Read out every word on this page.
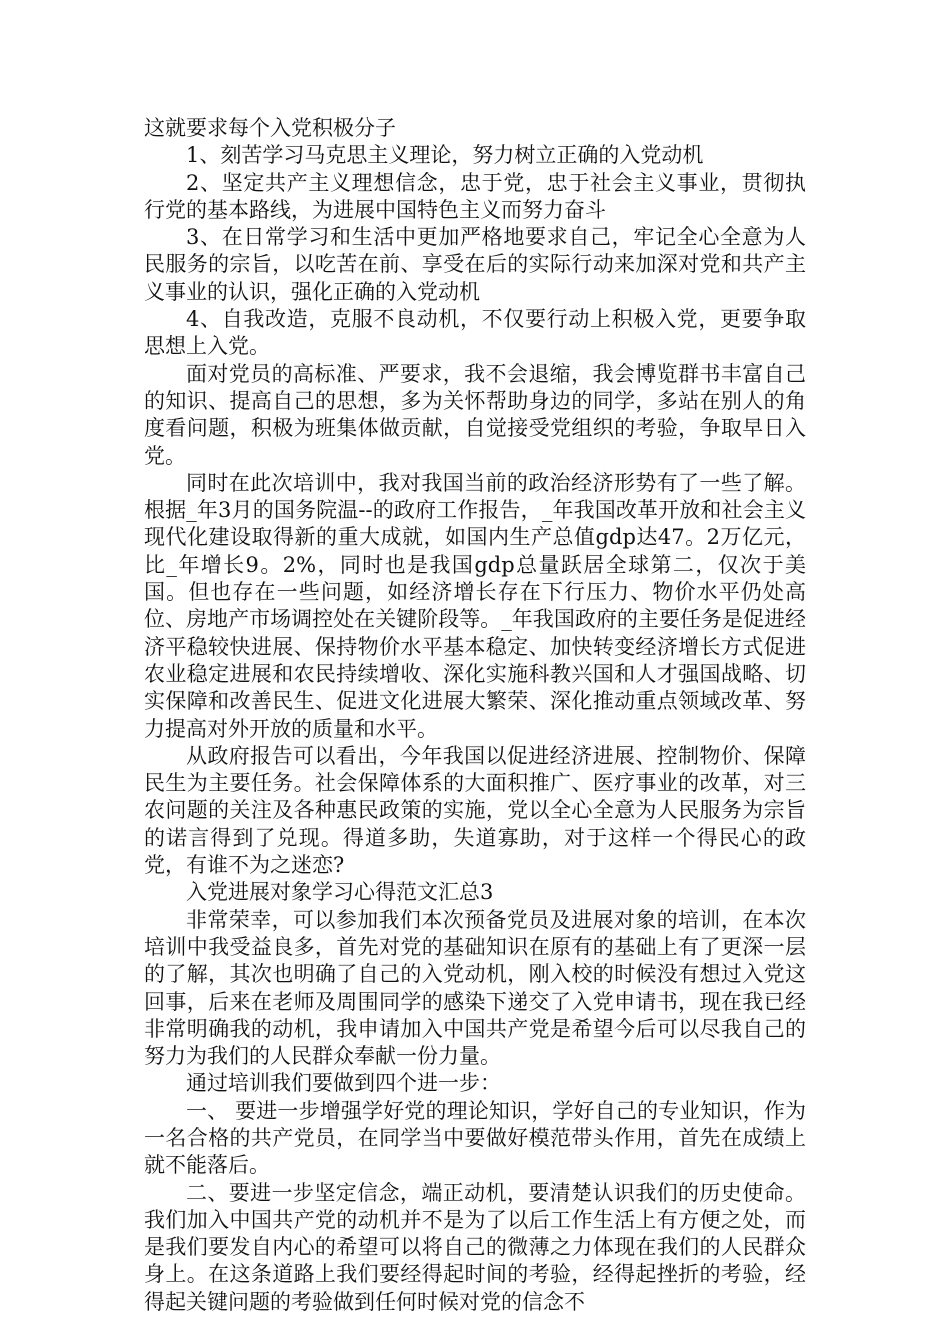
这就要求每个入党积极分子

1、刻苦学习马克思主义理论，努力树立正确的入党动机

2、坚定共产主义理想信念，忠于党，忠于社会主义事业，贯彻执行党的基本路线，为进展中国特色主义而努力奋斗

3、在日常学习和生活中更加严格地要求自己，牢记全心全意为人民服务的宗旨，以吃苦在前、享受在后的实际行动来加深对党和共产主义事业的认识，强化正确的入党动机

4、自我改造，克服不良动机，不仅要行动上积极入党，更要争取思想上入党。

面对党员的高标准、严要求，我不会退缩，我会博览群书丰富自己的知识、提高自己的思想，多为关怀帮助身边的同学，多站在别人的角度看问题，积极为班集体做贡献，自觉接受党组织的考验，争取早日入党。

同时在此次培训中，我对我国当前的政治经济形势有了一些了解。根据_年3月的国务院温--的政府工作报告，_年我国改革开放和社会主义现代化建设取得新的重大成就，如国内生产总值gdp达47。2万亿元，比_年增长9。2%，同时也是我国gdp总量跃居全球第二，仅次于美国。但也存在一些问题，如经济增长存在下行压力、物价水平仍处高位、房地产市场调控处在关键阶段等。_年我国政府的主要任务是促进经济平稳较快进展、保持物价水平基本稳定、加快转变经济增长方式促进农业稳定进展和农民持续增收、深化实施科教兴国和人才强国战略、切实保障和改善民生、促进文化进展大繁荣、深化推动重点领域改革、努力提高对外开放的质量和水平。

从政府报告可以看出，今年我国以促进经济进展、控制物价、保障民生为主要任务。社会保障体系的大面积推广、医疗事业的改革，对三农问题的关注及各种惠民政策的实施，党以全心全意为人民服务为宗旨的诺言得到了兑现。得道多助，失道寡助，对于这样一个得民心的政党，有谁不为之迷恋?

入党进展对象学习心得范文汇总3

非常荣幸，可以参加我们本次预备党员及进展对象的培训，在本次培训中我受益良多，首先对党的基础知识在原有的基础上有了更深一层的了解，其次也明确了自己的入党动机，刚入校的时候没有想过入党这回事，后来在老师及周围同学的感染下递交了入党申请书，现在我已经非常明确我的动机，我申请加入中国共产党是希望今后可以尽我自己的努力为我们的人民群众奉献一份力量。

通过培训我们要做到四个进一步：

一、 要进一步增强学好党的理论知识，学好自己的专业知识，作为一名合格的共产党员，在同学当中要做好模范带头作用，首先在成绩上就不能落后。

二、要进一步坚定信念，端正动机，要清楚认识我们的历史使命。我们加入中国共产党的动机并不是为了以后工作生活上有方便之处，而是我们要发自内心的希望可以将自己的微薄之力体现在我们的人民群众身上。在这条道路上我们要经得起时间的考验，经得起挫折的考验，经得起关键问题的考验做到任何时候对党的信念不
